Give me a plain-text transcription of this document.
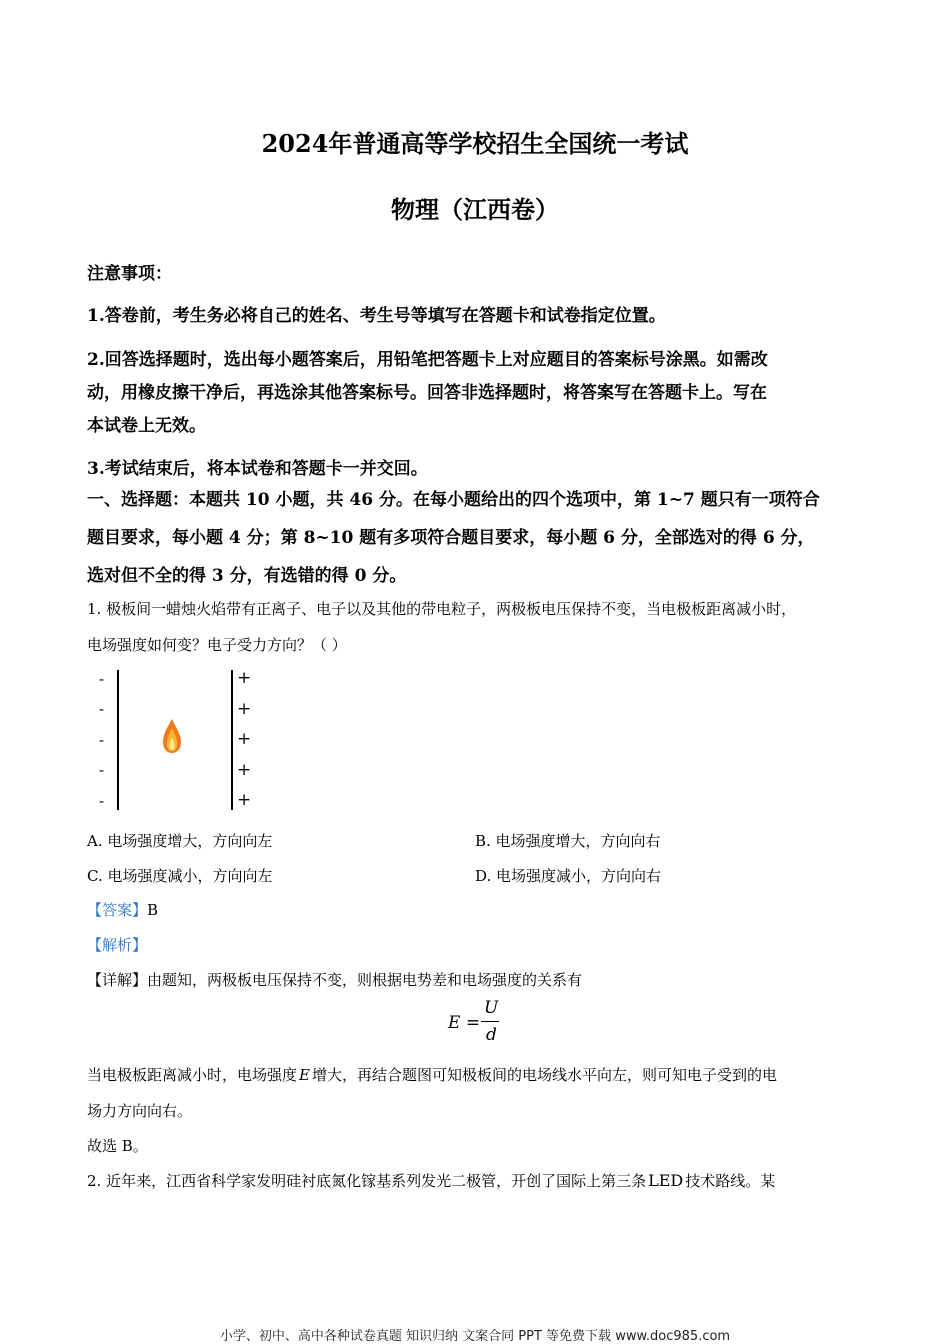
2024年普通高等学校招生全国统一考试
物理（江西卷）
注意事项：
1.答卷前，考生务必将自己的姓名、考生号等填写在答题卡和试卷指定位置。
2.回答选择题时，选出每小题答案后，用铅笔把答题卡上对应题目的答案标号涂黑。如需改
动，用橡皮擦干净后，再选涂其他答案标号。回答非选择题时，将答案写在答题卡上。写在
本试卷上无效。
3.考试结束后，将本试卷和答题卡一并交回。
一、选择题：本题共 10 小题，共 46 分。在每小题给出的四个选项中，第 1~7 题只有一项符合
题目要求，每小题 4 分；第 8~10 题有多项符合题目要求，每小题 6 分，全部选对的得 6 分，
选对但不全的得 3 分，有选错的得 0 分。
1. 极板间一蜡烛火焰带有正离子、电子以及其他的带电粒子，两极板电压保持不变，当电极板距离减小时，
电场强度如何变？电子受力方向？（ ）
-
-
-
-
-
+
+
+
+
+
A. 电场强度增大，方向向左	B. 电场强度增大，方向向右
C. 电场强度减小，方向向左	D. 电场强度减小，方向向右
【答案】B
【解析】
【详解】由题知，两极板电压保持不变，则根据电势差和电场强度的关系有
E =
U
d
当电极板距离减小时，电场强度 E 增大，再结合题图可知极板间的电场线水平向左，则可知电子受到的电
场力方向向右。
故选 B。
2. 近年来，江西省科学家发明硅衬底氮化镓基系列发光二极管，开创了国际上第三条 LED 技术路线。某
小学、初中、高中各种试卷真题 知识归纳 文案合同 PPT 等免费下载 www.doc985.com
